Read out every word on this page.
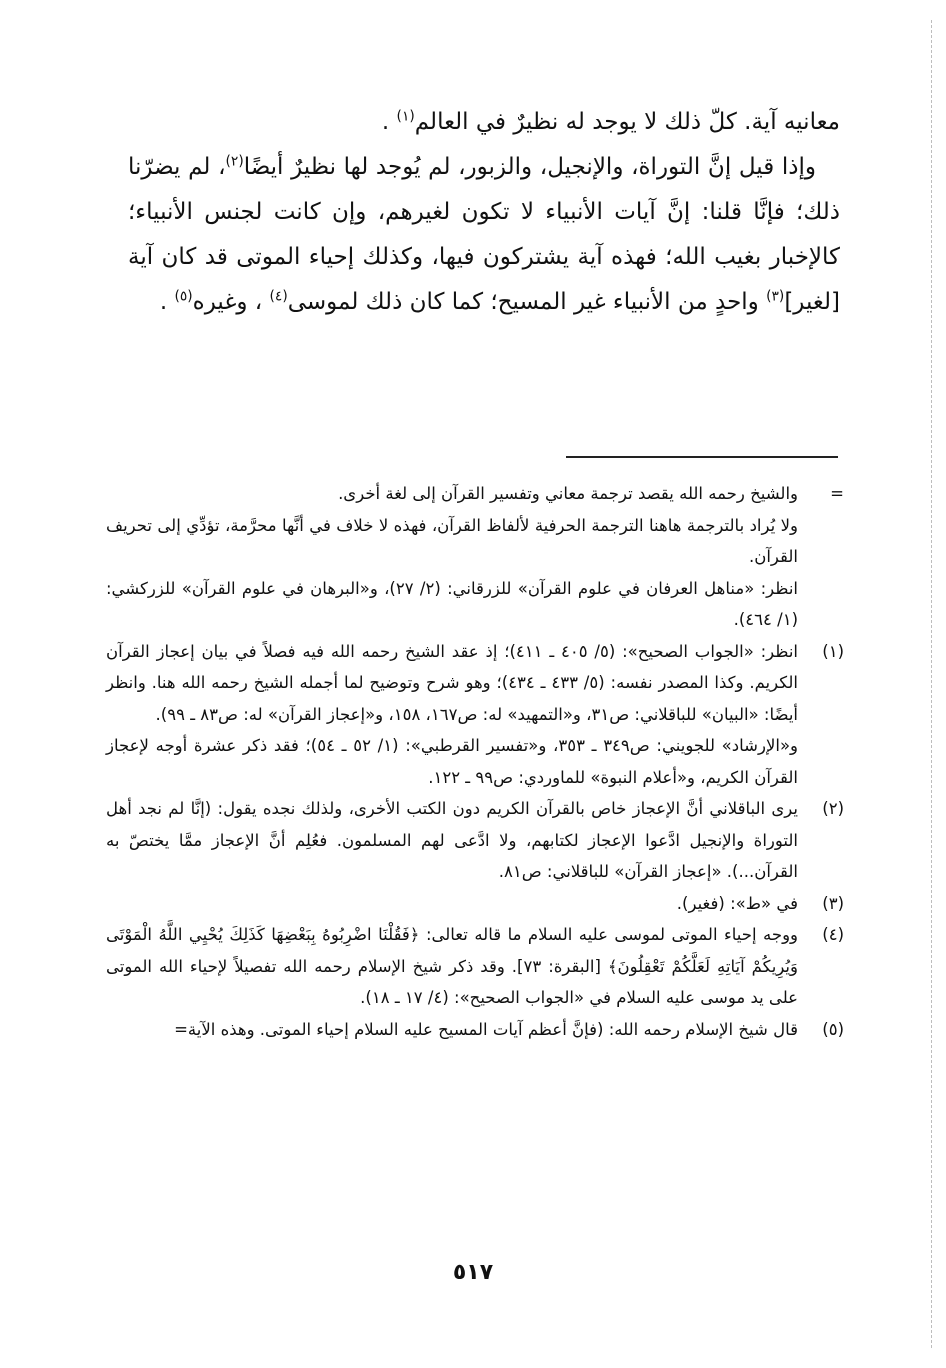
معانيه آية. كلّ ذلك لا يوجد له نظيرٌ في العالم$^{(١)}$ .

وإذا قيل إنَّ التوراة، والإنجيل، والزبور، لم يُوجد لها نظيرٌ أيضًا$^{(٢)}$، لم يضرّنا ذلك؛ فإنَّا قلنا: إنَّ آيات الأنبياء لا تكون لغيرهم، وإن كانت لجنس الأنبياء؛ كالإخبار بغيب الله؛ فهذه آية يشتركون فيها، وكذلك إحياء الموتى قد كان آية [لغير]$^{(٣)}$ واحدٍ من الأنبياء غير المسيح؛ كما كان ذلك لموسى$^{(٤)}$ ، وغيره$^{(٥)}$ .

=

والشيخ رحمه الله يقصد ترجمة معاني وتفسير القرآن إلى لغة أخرى.

ولا يُراد بالترجمة هاهنا الترجمة الحرفية لألفاظ القرآن، فهذه لا خلاف في أنَّها محرَّمة، تؤدِّي إلى تحريف القرآن.

انظر: «مناهل العرفان في علوم القرآن» للزرقاني: (٢/ ٢٧)، و«البرهان في علوم القرآن» للزركشي: (١/ ٤٦٤).

(١)

انظر: «الجواب الصحيح»: (٥/ ٤٠٥ ـ ٤١١)؛ إذ عقد الشيخ رحمه الله فيه فصلاً في بيان إعجاز القرآن الكريم. وكذا المصدر نفسه: (٥/ ٤٣٣ ـ ٤٣٤)؛ وهو شرح وتوضيح لما أجمله الشيخ رحمه الله هنا. وانظر أيضًا: «البيان» للباقلاني: ص٣١، و«التمهيد» له: ص١٦٧، ١٥٨، و«إعجاز القرآن» له: ص٨٣ ـ ٩٩).

و«الإرشاد» للجويني: ص٣٤٩ ـ ٣٥٣، و«تفسير القرطبي»: (١/ ٥٢ ـ ٥٤)؛ فقد ذكر عشرة أوجه لإعجاز القرآن الكريم، و«أعلام النبوة» للماوردي: ص٩٩ ـ ١٢٢.

(٢)

يرى الباقلاني أنَّ الإعجاز خاص بالقرآن الكريم دون الكتب الأخرى، ولذلك نجده يقول: (إنَّا لم نجد أهل التوراة والإنجيل ادَّعوا الإعجاز لكتابهم، ولا ادَّعى لهم المسلمون. فعُلِم أنَّ الإعجاز ممَّا يختصّ به القرآن...). «إعجاز القرآن» للباقلاني: ص٨١.

(٣)

في «ط»: (فغير).

(٤)

ووجه إحياء الموتى لموسى عليه السلام ما قاله تعالى: ﴿فَقُلْنَا اضْرِبُوهُ بِبَعْضِهَا كَذَلِكَ يُحْيِي اللَّهُ الْمَوْتَى وَيُرِيكُمْ آيَاتِهِ لَعَلَّكُمْ تَعْقِلُونَ﴾ [البقرة: ٧٣]. وقد ذكر شيخ الإسلام رحمه الله تفصيلاً لإحياء الله الموتى على يد موسى عليه السلام في «الجواب الصحيح»: (٤/ ١٧ ـ ١٨).

(٥)

قال شيخ الإسلام رحمه الله: (فإنَّ أعظم آيات المسيح عليه السلام إحياء الموتى. وهذه الآية=

٥١٧
